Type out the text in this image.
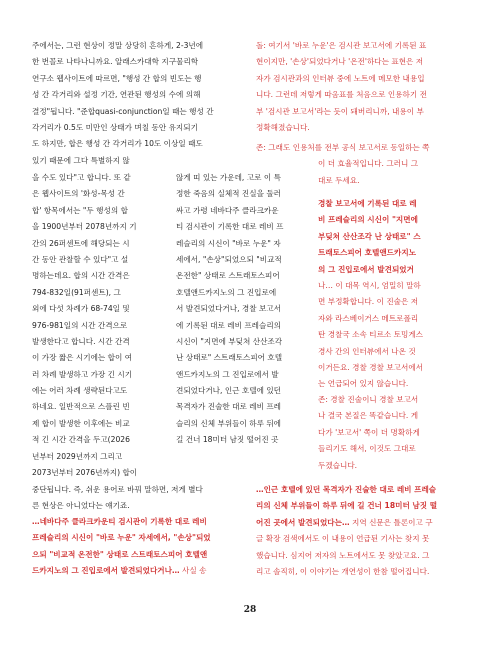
주에서는, 그런 현상이 정말 상당히 흔하게, 2-3년에
한 번꼴로 나타나니까요. 알래스카대학 지구물리학
연구소 웹사이트에 따르면, "행성 간 합의 빈도는 행
성 간 각거리와 설정 기간, 연관된 행성의 수에 의해
결정"됩니다. "준합quasi-conjunction일 때는 행성 간
각거리가 0.5도 미만인 상태가 며칠 동안 유지되기
도 하지만, 합은 행성 간 각거리가 10도 이상일 때도
있기 때문에 그다 특별하지 않
을 수도 있다"고 합니다. 또 같
은 웹사이트의 '화성-목성 간
합' 항목에서는 "두 행성의 합
을 1900년부터 2078년까지 기
간의 26퍼센트에 해당되는 시
간 동안 관찰할 수 있다"고 설
명하는데요. 합의 시간 간격은
794-832일(91퍼센트), 그
외에 다섯 차례가 68-74일 및
976-981일의 시간 간격으로
발생한다고 합니다. 시간 간격
이 가장 짧은 시기에는 합이 여
러 차례 발생하고 가장 긴 시기
에는 어러 차례 생략된다고도
하네요. 일반적으로 스플린 빈
제 합이 발생한 이후에는 비교
적 긴 시간 간격을 두고(2026
년부터 2029년까지 그리고
2073년부터 2076년까지) 합이
중단됩니다. 즉, 쉬운 용어로 바꿔 말하면, 저게 별다
른 현상은 아니었다는 얘기죠.
않게 띠 있는 가운데, 고로 이 특
정한 죽음의 실체적 진실을 둘러
싸고 가령 네바다주 클라크카운
티 검시관이 기록한 대로 레비 프
레슬리의 시신이 "바로 누운" 자
세에서, "손상"되었으되 "비교적
온전한" 상태로 스트래토스피어
호텔앤드카지노의 그 진입로에
서 발견되었다거나, 경찰 보고서
에 기록된 대로 레비 프레슬리의
시신이 "지면에 부딪쳐 산산조각
난 상태로" 스트래토스피어 호텔
앤드카지노의 그 진입로에서 발
견되었다거나, 인근 호텔에 있던
목격자가 진술한 대로 레비 프레
슬리의 신체 부위들이 하루 뒤에
길 건너 18미터 남짓 떨어진 곳
돌: 여기서 '바로 누운'은 검시관 보고서에 기록된 표
현이지만, '손상'되었다거나 '온전'하다는 표현은 저
자가 검시관과의 인터뷰 중에 노트에 메모한 내용입
니다. 그런데 저렇게 따옴표를 처음으로 인용하기 전
부 '검시관 보고서'라는 듯이 돼버리니까, 내용이 부
정확해졌습니다.
존: 그래도 인용처를 전부 공식 보고서로 동일하는 쪽
이 더 효율적입니다. 그러니 그
대로 두세요.
경찰 보고서에 기록된 대로 레
비 프레슬리의 시신이 "지면에
부딪쳐 산산조각 난 상태로" 스
트래토스피어 호텔앤드카지노
의 그 진입로에서 발견되었거
나… 이 대목 역시, 엄밀히 말하
면 부정확합니다. 이 진술은 저
자와 라스베이거스 메트로폴리
탄 경찰국 소속 티르소 토밍게스
경사 간의 인터뷰에서 나온 것
이거든요. 경찰 경찰 보고서에서
는 언급되어 있지 않습니다.
존: 경찰 진술이니 경찰 보고서
나 결국 본질은 똑같습니다. 게
다가 '보고서' 쪽이 더 명확하게
들리기도 해서, 이것도 그대로
두겠습니다.
…인근 호텔에 있던 목격자가 진술한 대로 레비 프레슬
리의 신체 부위들이 하루 뒤에 길 건너 18미터 남짓 떨
어진 곳에서 발견되었다는… 지역 신문은 틀론이고 구
글 확장 검색에서도 이 내용이 언급된 기사는 찾지 못
했습니다. 심지어 저자의 노트에서도 못 찾았고요. 그
리고 솔직히, 이 이야기는 개연성이 한참 떨어집니다.
…네바다주 클라크카운티 검시관이 기록한 대로 레비
프레슬리의 시신이 "바로 누운" 자세에서, "손상"되었
으되 "비교적 온전한" 상태로 스트래토스피어 호텔앤
드카지노의 그 진입로에서 발견되었다거나… 사실 송
28
